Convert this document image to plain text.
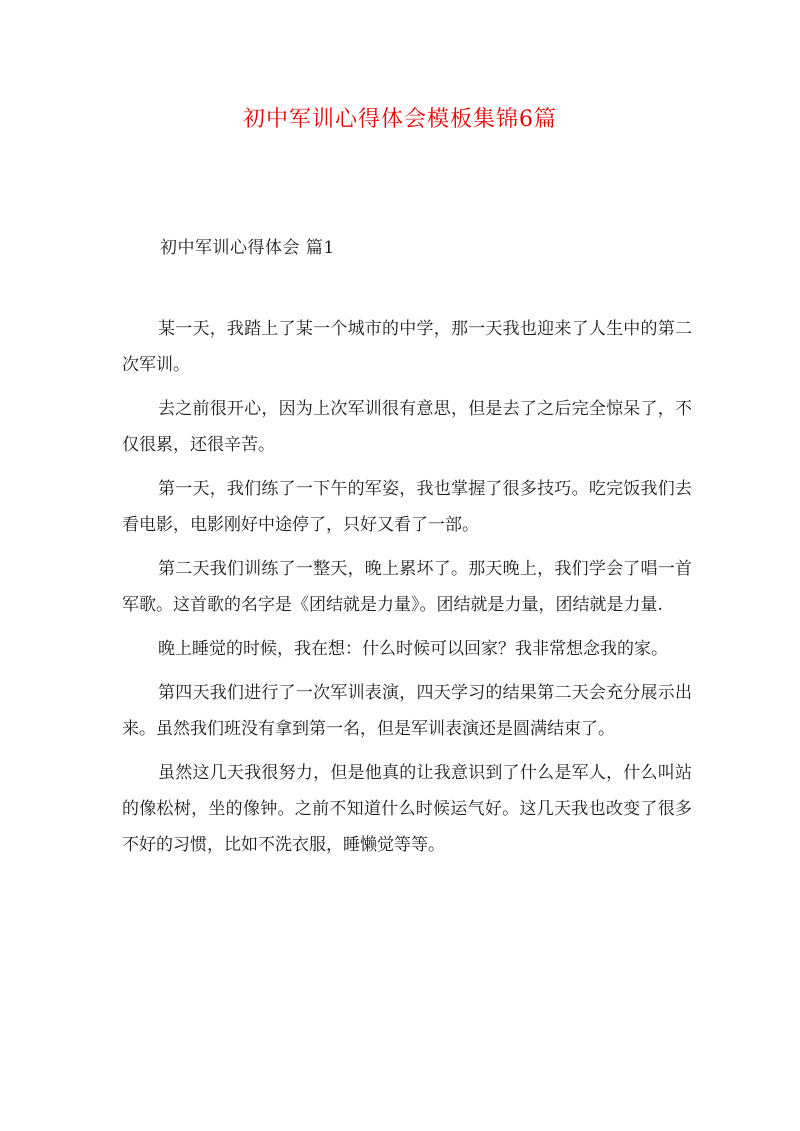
初中军训心得体会模板集锦6篇
初中军训心得体会 篇1

某一天，我踏上了某一个城市的中学，那一天我也迎来了人生中的第二次军训。

去之前很开心，因为上次军训很有意思，但是去了之后完全惊呆了，不仅很累，还很辛苦。

第一天，我们练了一下午的军姿，我也掌握了很多技巧。吃完饭我们去看电影，电影刚好中途停了，只好又看了一部。

第二天我们训练了一整天，晚上累坏了。那天晚上，我们学会了唱一首军歌。这首歌的名字是《团结就是力量》。团结就是力量，团结就是力量.

晚上睡觉的时候，我在想：什么时候可以回家？我非常想念我的家。

第四天我们进行了一次军训表演，四天学习的结果第二天会充分展示出来。虽然我们班没有拿到第一名，但是军训表演还是圆满结束了。

虽然这几天我很努力，但是他真的让我意识到了什么是军人，什么叫站的像松树，坐的像钟。之前不知道什么时候运气好。这几天我也改变了很多不好的习惯，比如不洗衣服，睡懒觉等等。
